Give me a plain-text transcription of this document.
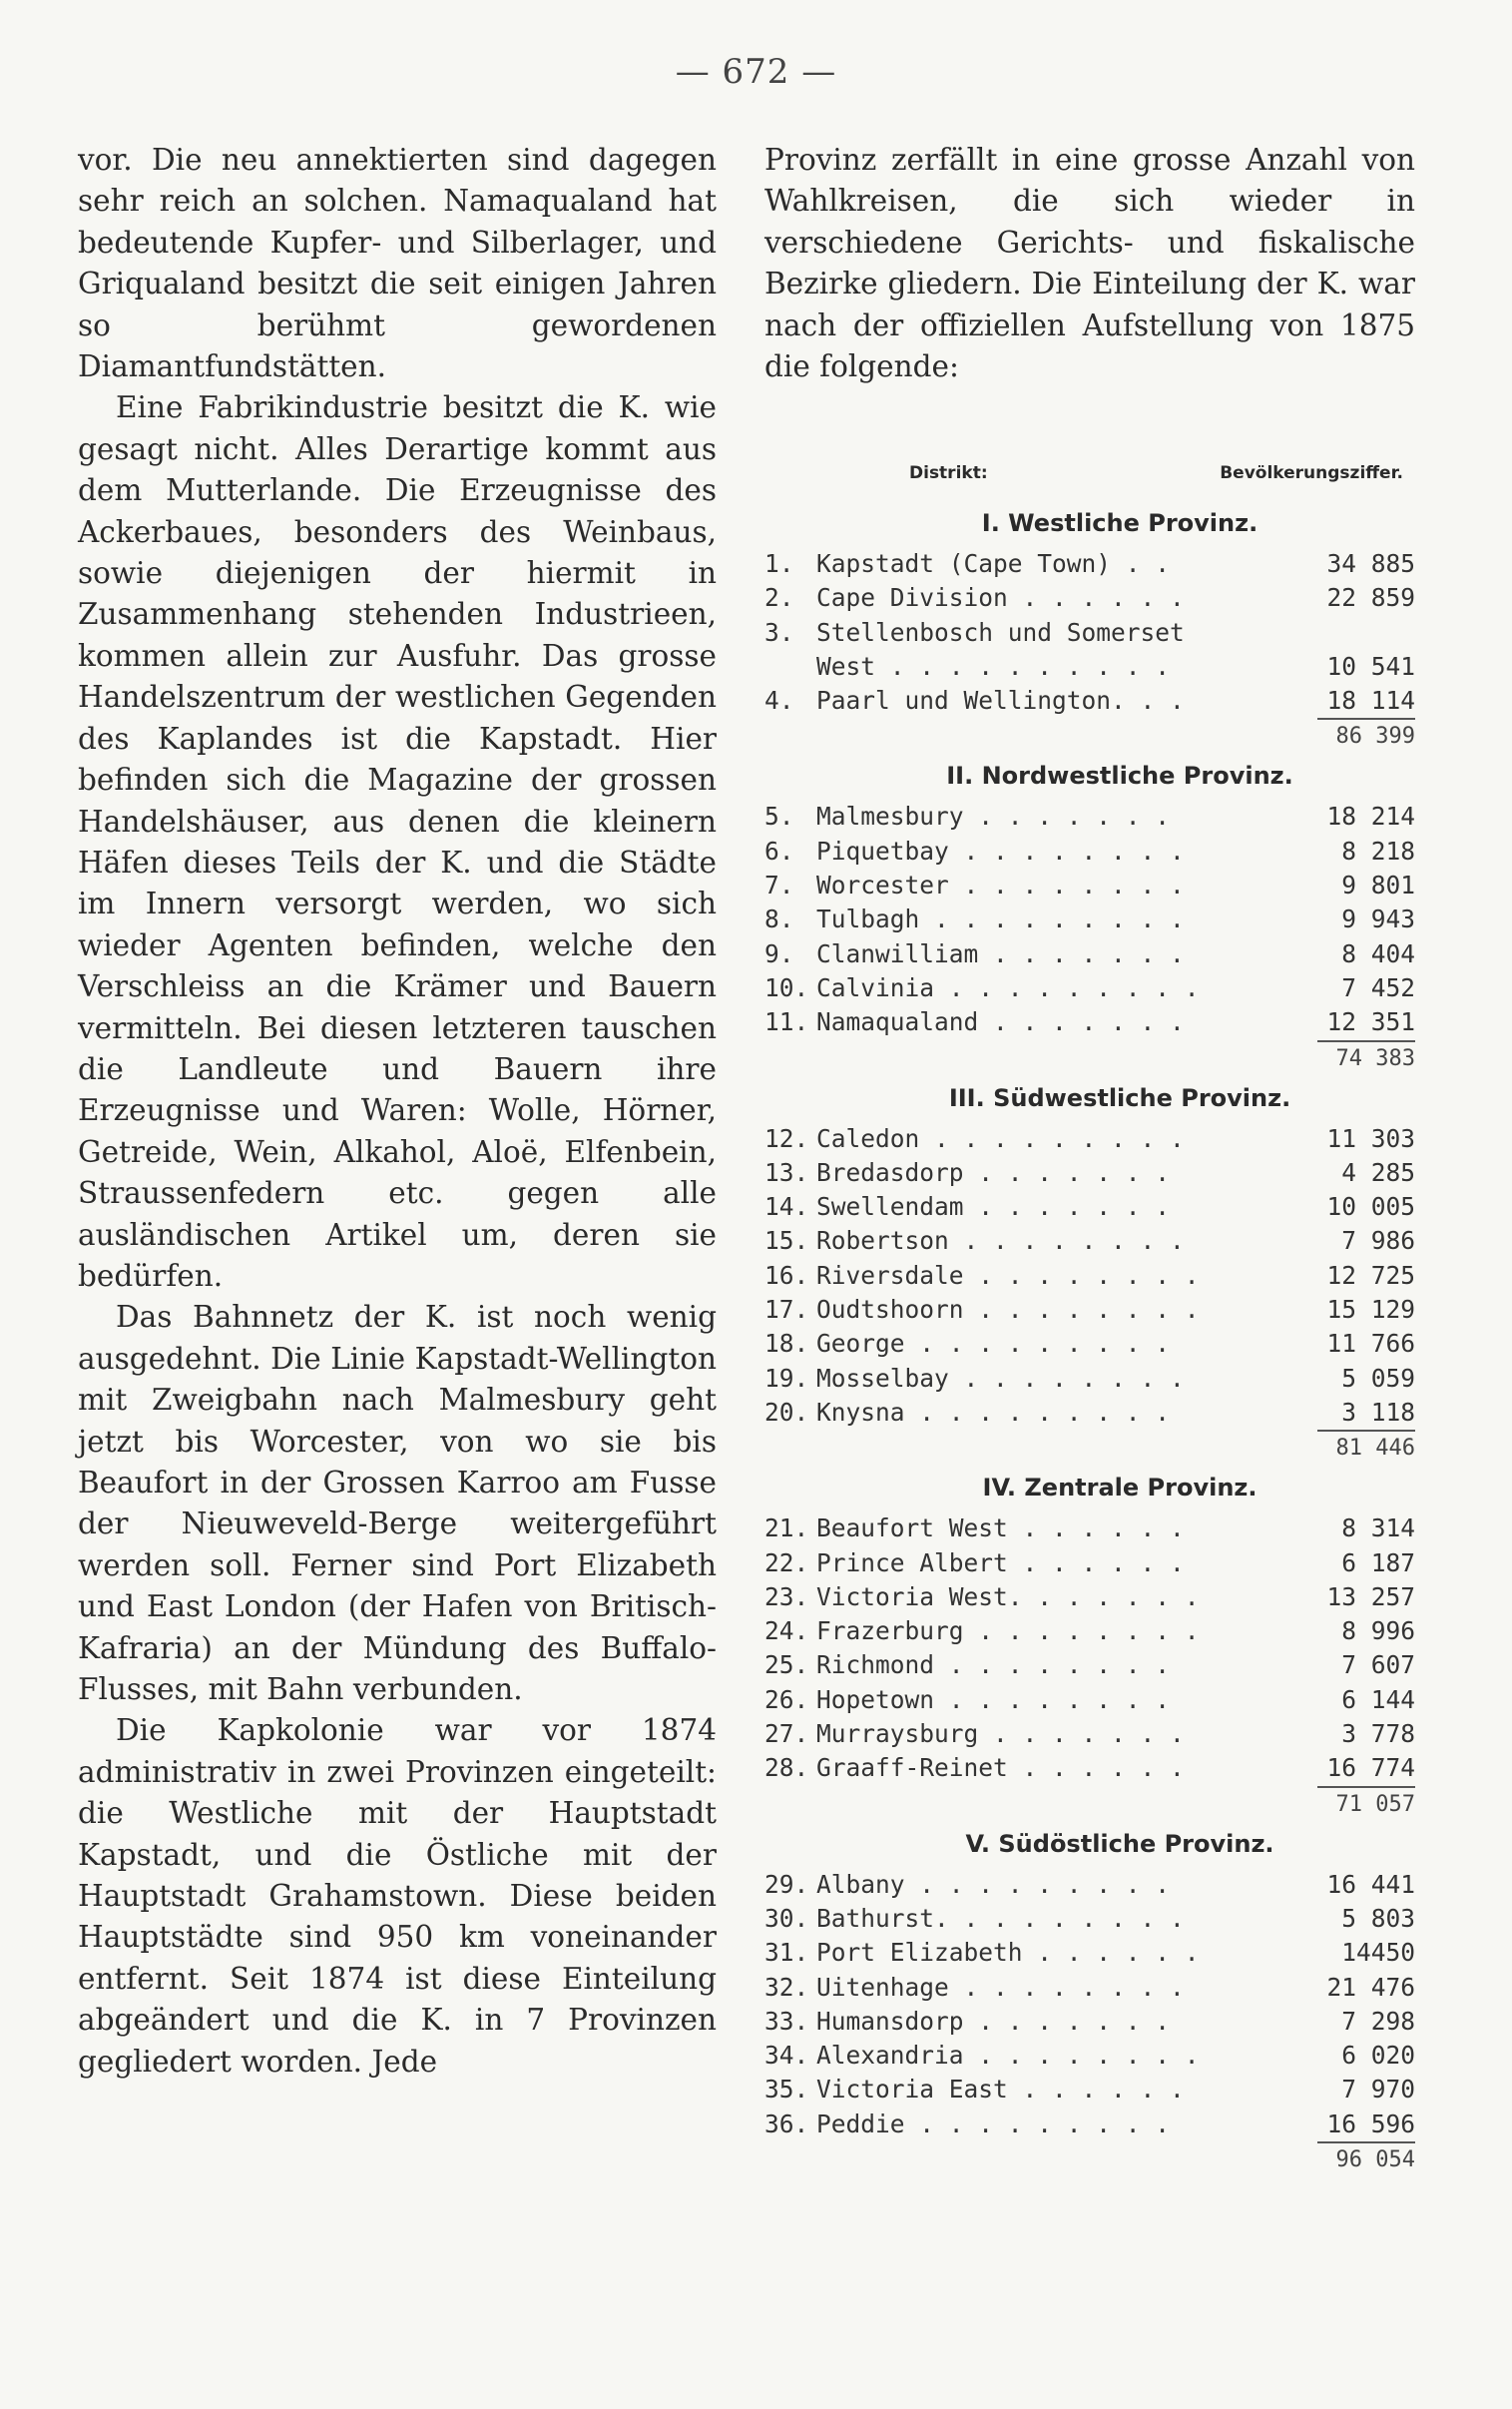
— 672 —

vor. Die neu annektierten sind dagegen sehr reich an solchen. Namaqualand hat bedeutende Kupfer- und Silberlager, und Griqualand besitzt die seit einigen Jahren so berühmt gewordenen Diamantfundstätten.

Eine Fabrikindustrie besitzt die K. wie gesagt nicht. Alles Derartige kommt aus dem Mutterlande. Die Erzeugnisse des Ackerbaues, besonders des Weinbaus, sowie diejenigen der hiermit in Zusammenhang stehenden Industrieen, kommen allein zur Ausfuhr. Das grosse Handelszentrum der westlichen Gegenden des Kaplandes ist die Kapstadt. Hier befinden sich die Magazine der grossen Handelshäuser, aus denen die kleinern Häfen dieses Teils der K. und die Städte im Innern versorgt werden, wo sich wieder Agenten befinden, welche den Verschleiss an die Krämer und Bauern vermitteln. Bei diesen letzteren tauschen die Landleute und Bauern ihre Erzeugnisse und Waren: Wolle, Hörner, Getreide, Wein, Alkahol, Aloë, Elfenbein, Straussenfedern etc. gegen alle ausländischen Artikel um, deren sie bedürfen.

Das Bahnnetz der K. ist noch wenig ausgedehnt. Die Linie Kapstadt-Wellington mit Zweigbahn nach Malmesbury geht jetzt bis Worcester, von wo sie bis Beaufort in der Grossen Karroo am Fusse der Nieuweveld-Berge weitergeführt werden soll. Ferner sind Port Elizabeth und East London (der Hafen von Britisch-Kafraria) an der Mündung des Buffalo-Flusses, mit Bahn verbunden.

Die Kapkolonie war vor 1874 administrativ in zwei Provinzen eingeteilt: die Westliche mit der Hauptstadt Kapstadt, und die Östliche mit der Hauptstadt Grahamstown. Diese beiden Hauptstädte sind 950 km voneinander entfernt. Seit 1874 ist diese Einteilung abgeändert und die K. in 7 Provinzen gegliedert worden. Jede

Provinz zerfällt in eine grosse Anzahl von Wahlkreisen, die sich wieder in verschiedene Gerichts- und fiskalische Bezirke gliedern. Die Einteilung der K. war nach der offiziellen Aufstellung von 1875 die folgende:
Distrikt:	Bevölkerungsziffer.
I. Westliche Provinz.
1. Kapstadt (Cape Town) . .	34 885
2. Cape Division . . . . . .	22 859
3. Stellenbosch und Somerset
West . . . . . . . . . .	10 541
4. Paarl und Wellington. . .	18 114
86 399
II. Nordwestliche Provinz.
5. Malmesbury . . . . . . .	18 214
6. Piquetbay . . . . . . . .	8 218
7. Worcester . . . . . . . .	9 801
8. Tulbagh . . . . . . . . .	9 943
9. Clanwilliam . . . . . . .	8 404
10. Calvinia . . . . . . . . .	7 452
11. Namaqualand . . . . . . .	12 351
74 383
III. Südwestliche Provinz.
12. Caledon . . . . . . . . .	11 303
13. Bredasdorp . . . . . . .	4 285
14. Swellendam . . . . . . .	10 005
15. Robertson . . . . . . . .	7 986
16. Riversdale . . . . . . . .	12 725
17. Oudtshoorn . . . . . . . .	15 129
18. George . . . . . . . . .	11 766
19. Mosselbay . . . . . . . .	5 059
20. Knysna . . . . . . . . .	3 118
81 446
IV. Zentrale Provinz.
21. Beaufort West . . . . . .	8 314
22. Prince Albert . . . . . .	6 187
23. Victoria West. . . . . . .	13 257
24. Frazerburg . . . . . . . .	8 996
25. Richmond . . . . . . . .	7 607
26. Hopetown . . . . . . . .	6 144
27. Murraysburg . . . . . . .	3 778
28. Graaff-Reinet . . . . . .	16 774
71 057
V. Südöstliche Provinz.
29. Albany . . . . . . . . .	16 441
30. Bathurst. . . . . . . . .	5 803
31. Port Elizabeth . . . . . .	14450
32. Uitenhage . . . . . . . .	21 476
33. Humansdorp . . . . . . .	7 298
34. Alexandria . . . . . . . .	6 020
35. Victoria East . . . . . .	7 970
36. Peddie . . . . . . . . .	16 596
96 054
